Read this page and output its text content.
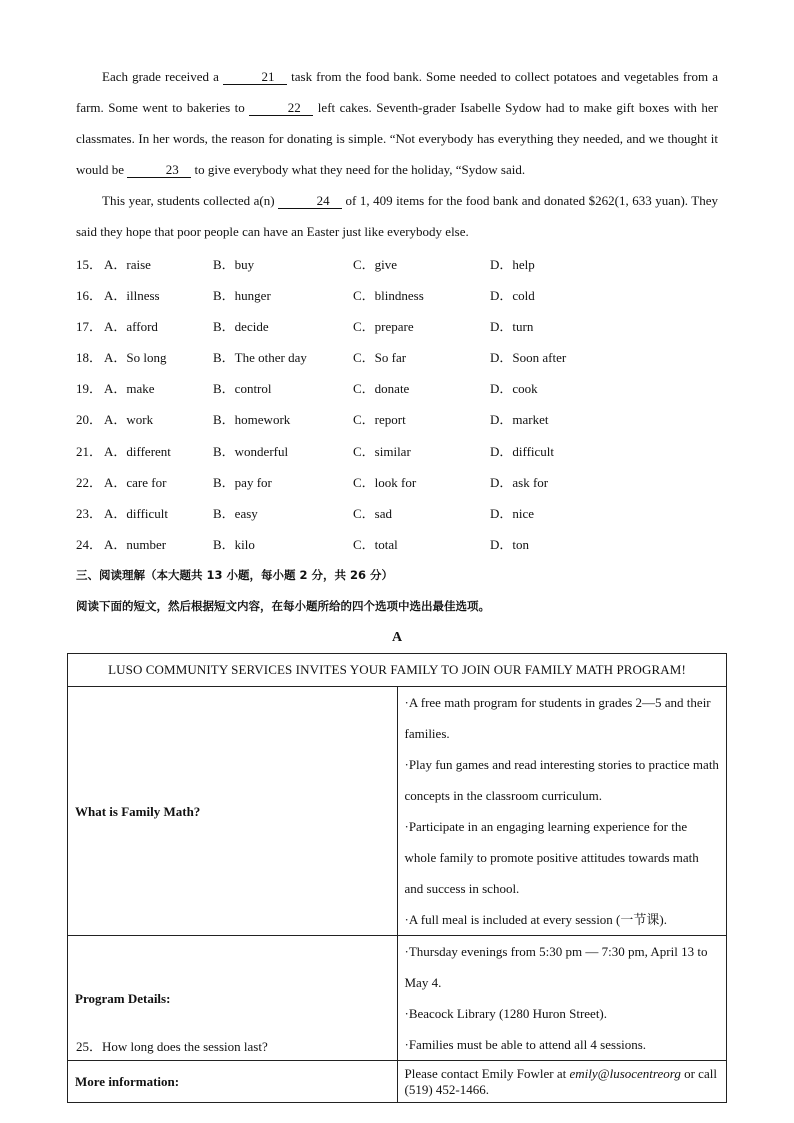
Each grade received a	21 task from the food bank. Some needed to collect potatoes and vegetables from a farm. Some went to bakeries to	22 left cakes. Seventh-grader Isabelle Sydow had to make gift boxes with her classmates. In her words, the reason for donating is simple. “Not everybody has everything they needed, and we thought it would be	23 to give everybody what they need for the holiday, “Sydow said.
This year, students collected a(n)	24 of 1, 409 items for the food bank and donated $262(1, 633 yuan). They said they hope that poor people can have an Easter just like everybody else.
15． A．raise	B．buy	C．give	D．help
16． A．illness	B．hunger	C．blindness	D．cold
17． A．afford	B．decide	C．prepare	D．turn
18． A．So long	B．The other day	C．So far	D．Soon after
19． A．make	B．control	C．donate	D．cook
20． A．work	B．homework	C．report	D．market
21． A．different	B．wonderful	C．similar	D．difficult
22． A．care for	B．pay for	C．look for	D．ask for
23． A．difficult	B．easy	C．sad	D．nice
24． A．number	B．kilo	C．total	D．ton
三、阅读理解（本大题共 13 小题，每小题 2 分，共 26 分）
阅读下面的短文，然后根据短文内容，在每小题所给的四个选项中选出最佳选项。
A
LUSO COMMUNITY SERVICES INVITES YOUR FAMILY TO JOIN OUR FAMILY MATH PROGRAM!	
What is Family Math?	·A free math program for students in grades 2—5 and their families.
·Play fun games and read interesting stories to practice math concepts in the classroom curriculum.
·Participate in an engaging learning experience for the whole family to promote positive attitudes towards math and success in school.
·A full meal is included at every session (一节课).

Program Details:	·Thursday evenings from 5:30 pm — 7:30 pm, April 13 to May 4.
·Beacock Library (1280 Huron Street).
·Families must be able to attend all 4 sessions.

More information:	Please contact Emily Fowler at emily@lusocentreorg or call (519) 452-1466.
25．How long does the session last?
